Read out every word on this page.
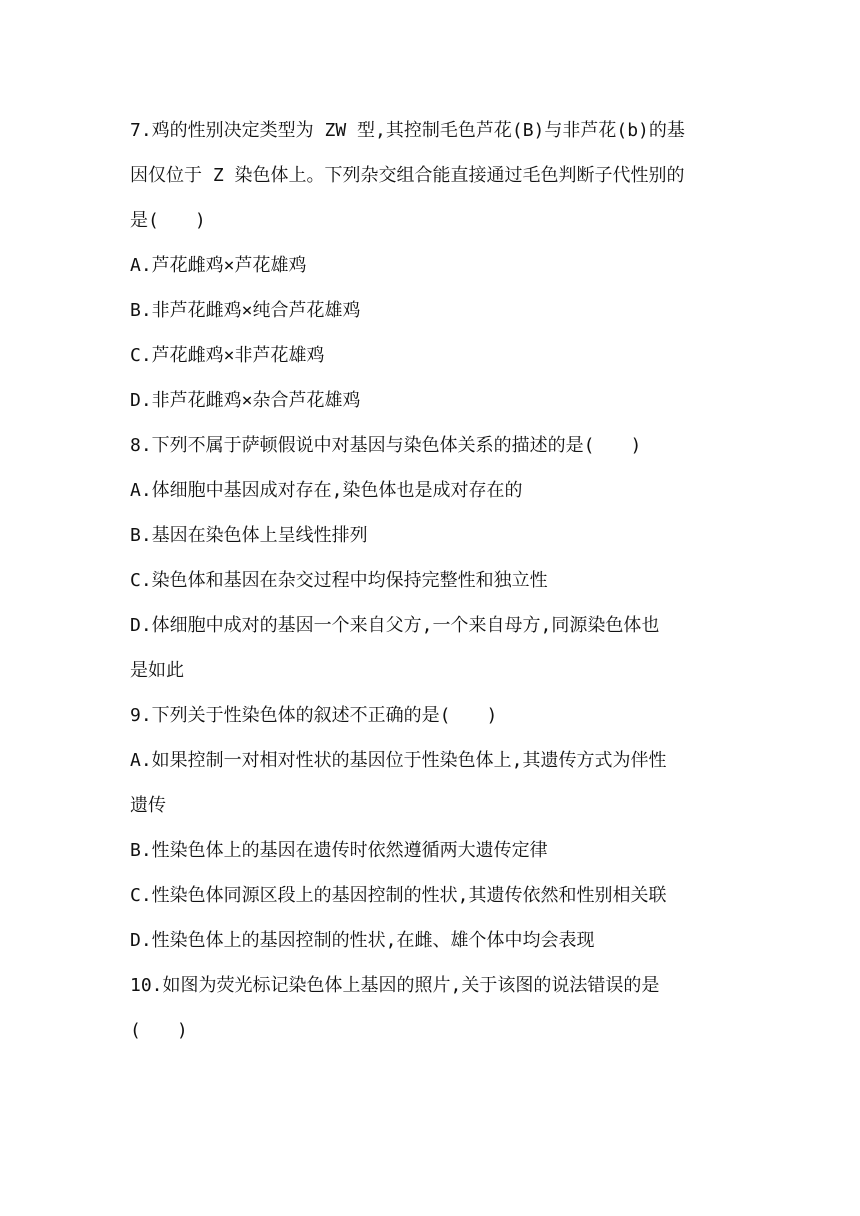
7.鸡的性别决定类型为 ZW 型,其控制毛色芦花(B)与非芦花(b)的基
因仅位于 Z 染色体上。下列杂交组合能直接通过毛色判断子代性别的
是(　　)
A.芦花雌鸡×芦花雄鸡
B.非芦花雌鸡×纯合芦花雄鸡
C.芦花雌鸡×非芦花雄鸡
D.非芦花雌鸡×杂合芦花雄鸡
8.下列不属于萨顿假说中对基因与染色体关系的描述的是(　　)
A.体细胞中基因成对存在,染色体也是成对存在的
B.基因在染色体上呈线性排列
C.染色体和基因在杂交过程中均保持完整性和独立性
D.体细胞中成对的基因一个来自父方,一个来自母方,同源染色体也
是如此
9.下列关于性染色体的叙述不正确的是(　　)
A.如果控制一对相对性状的基因位于性染色体上,其遗传方式为伴性
遗传
B.性染色体上的基因在遗传时依然遵循两大遗传定律
C.性染色体同源区段上的基因控制的性状,其遗传依然和性别相关联
D.性染色体上的基因控制的性状,在雌、雄个体中均会表现
10.如图为荧光标记染色体上基因的照片,关于该图的说法错误的是
(　　)
